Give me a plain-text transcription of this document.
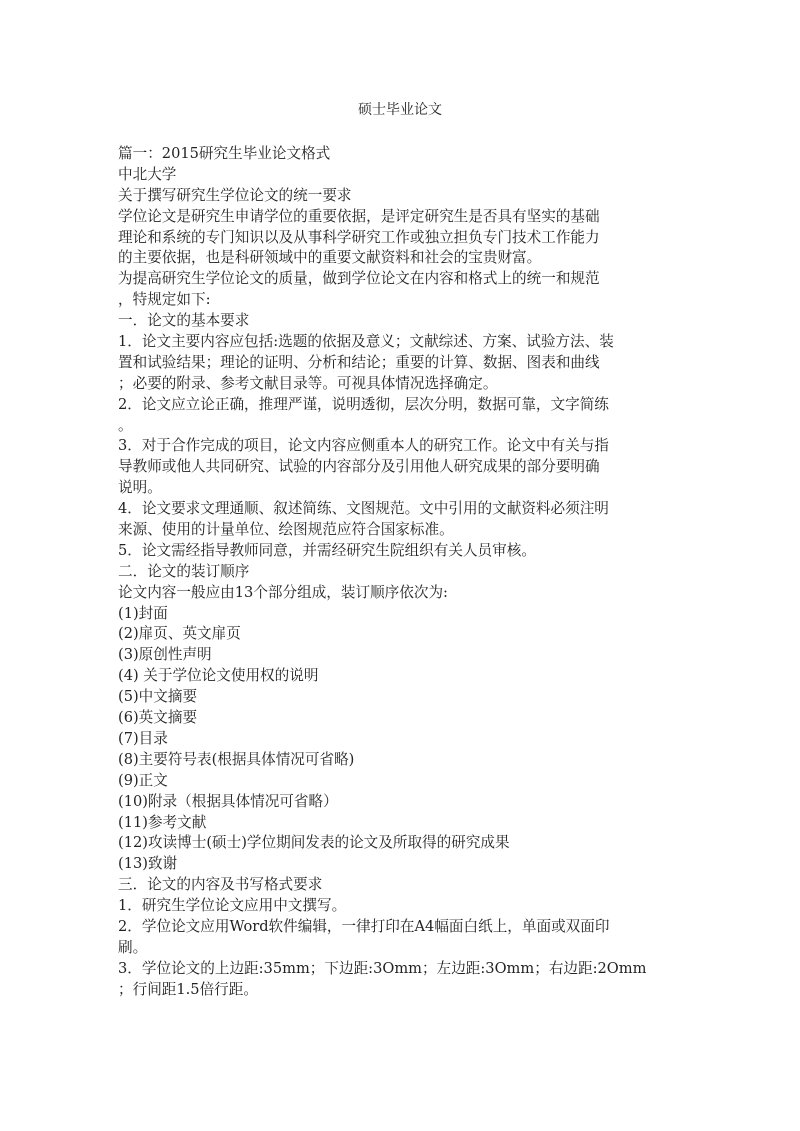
硕士毕业论文
篇一：2015研究生毕业论文格式
中北大学
关于撰写研究生学位论文的统一要求
学位论文是研究生申请学位的重要依据，是评定研究生是否具有坚实的基础
理论和系统的专门知识以及从事科学研究工作或独立担负专门技术工作能力
的主要依据，也是科研领域中的重要文献资料和社会的宝贵财富。
为提高研究生学位论文的质量，做到学位论文在内容和格式上的统一和规范
，特规定如下:
一．论文的基本要求
1．论文主要内容应包括:选题的依据及意义；文献综述、方案、试验方法、装
置和试验结果；理论的证明、分析和结论；重要的计算、数据、图表和曲线
；必要的附录、参考文献目录等。可视具体情况选择确定。
2．论文应立论正确，推理严谨，说明透彻，层次分明，数据可靠，文字简练
。
3．对于合作完成的项目，论文内容应侧重本人的研究工作。论文中有关与指
导教师或他人共同研究、试验的内容部分及引用他人研究成果的部分要明确
说明。
4．论文要求文理通顺、叙述简练、文图规范。文中引用的文献资料必须注明
来源、使用的计量单位、绘图规范应符合国家标准。
5．论文需经指导教师同意，并需经研究生院组织有关人员审核。
二．论文的装订顺序
论文内容一般应由13个部分组成，装订顺序依次为:
(1)封面
(2)扉页、英文扉页
(3)原创性声明
(4) 关于学位论文使用权的说明
(5)中文摘要
(6)英文摘要
(7)目录
(8)主要符号表(根据具体情况可省略)
(9)正文
(10)附录（根据具体情况可省略）
(11)参考文献
(12)攻读博士(硕士)学位期间发表的论文及所取得的研究成果
(13)致谢
三．论文的内容及书写格式要求
1．研究生学位论文应用中文撰写。
2．学位论文应用Word软件编辑，一律打印在A4幅面白纸上，单面或双面印
刷。
3．学位论文的上边距:35mm；下边距:3Omm；左边距:3Omm；右边距:2Omm
；行间距1.5倍行距。
